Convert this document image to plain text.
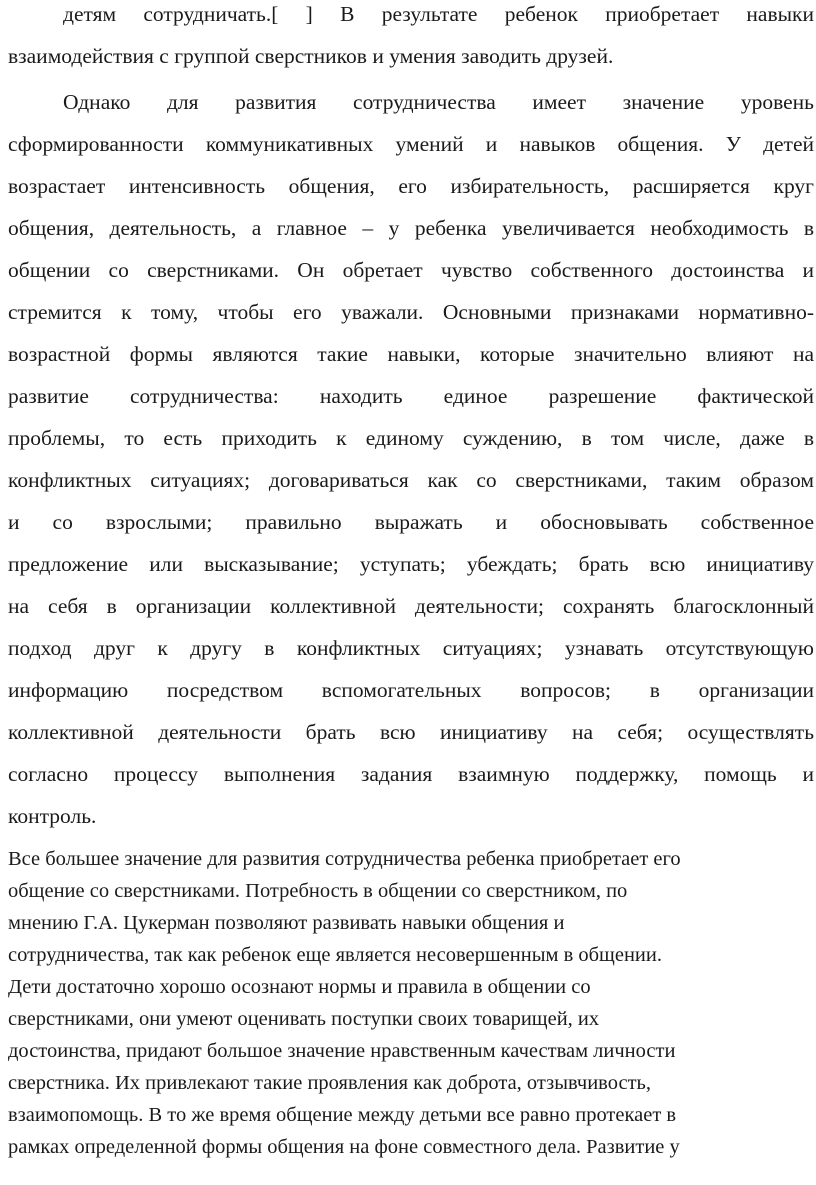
детям сотрудничать.[ ] В результате ребенок приобретает навыки
взаимодействия с группой сверстников и умения заводить друзей.
Однако для развития сотрудничества имеет значение уровень
сформированности коммуникативных умений и навыков общения. У детей
возрастает интенсивность общения, его избирательность, расширяется круг
общения, деятельность, а главное – у ребенка увеличивается необходимость в
общении со сверстниками. Он обретает чувство собственного достоинства и
стремится к тому, чтобы его уважали. Основными признаками нормативно-
возрастной формы являются такие навыки, которые значительно влияют на
развитие сотрудничества: находить единое разрешение фактической
проблемы, то есть приходить к единому суждению, в том числе, даже в
конфликтных ситуациях; договариваться как со сверстниками, таким образом
и со взрослыми; правильно выражать и обосновывать собственное
предложение или высказывание; уступать; убеждать; брать всю инициативу
на себя в организации коллективной деятельности; сохранять благосклонный
подход друг к другу в конфликтных ситуациях; узнавать отсутствующую
информацию посредством вспомогательных вопросов; в организации
коллективной деятельности брать всю инициативу на себя; осуществлять
согласно процессу выполнения задания взаимную поддержку, помощь и
контроль.
Все большее значение для развития сотрудничества ребенка приобретает его
общение со сверстниками. Потребность в общении со сверстником, по
мнению Г.А. Цукерман позволяют развивать навыки общения и
сотрудничества, так как ребенок еще является несовершенным в общении.
Дети достаточно хорошо осознают нормы и правила в общении со
сверстниками, они умеют оценивать поступки своих товарищей, их
достоинства, придают большое значение нравственным качествам личности
сверстника. Их привлекают такие проявления как доброта, отзывчивость,
взаимопомощь. В то же время общение между детьми все равно протекает в
рамках определенной формы общения на фоне совместного дела. Развитие у
